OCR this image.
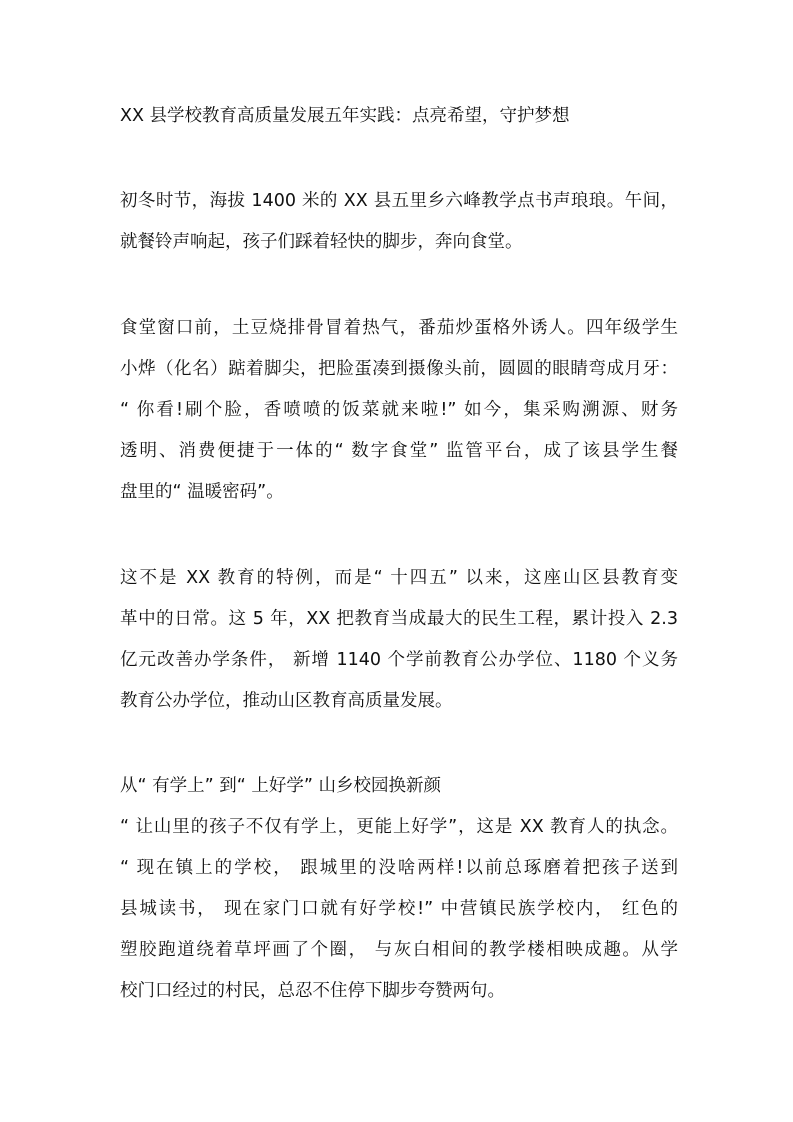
XX 县学校教育高质量发展五年实践：点亮希望，守护梦想
初冬时节，海拔 1400 米的 XX 县五里乡六峰教学点书声琅琅。午间，
就餐铃声响起，孩子们踩着轻快的脚步，奔向食堂。
食堂窗口前，土豆烧排骨冒着热气，番茄炒蛋格外诱人。四年级学生
小烨（化名）踮着脚尖，把脸蛋凑到摄像头前，圆圆的眼睛弯成月牙：
“ 你看!刷个脸，香喷喷的饭菜就来啦!” 如今，集采购溯源、财务
透明、消费便捷于一体的“ 数字食堂” 监管平台，成了该县学生餐
盘里的“ 温暖密码”。
这不是 XX 教育的特例，而是“ 十四五” 以来，这座山区县教育变
革中的日常。这 5 年，XX 把教育当成最大的民生工程，累计投入 2.3
亿元改善办学条件， 新增 1140 个学前教育公办学位、1180 个义务
教育公办学位，推动山区教育高质量发展。
从“ 有学上” 到“ 上好学” 山乡校园换新颜
“ 让山里的孩子不仅有学上，更能上好学”，这是 XX 教育人的执念。
“ 现在镇上的学校， 跟城里的没啥两样!以前总琢磨着把孩子送到
县城读书， 现在家门口就有好学校!” 中营镇民族学校内， 红色的
塑胶跑道绕着草坪画了个圈， 与灰白相间的教学楼相映成趣。从学
校门口经过的村民，总忍不住停下脚步夸赞两句。
